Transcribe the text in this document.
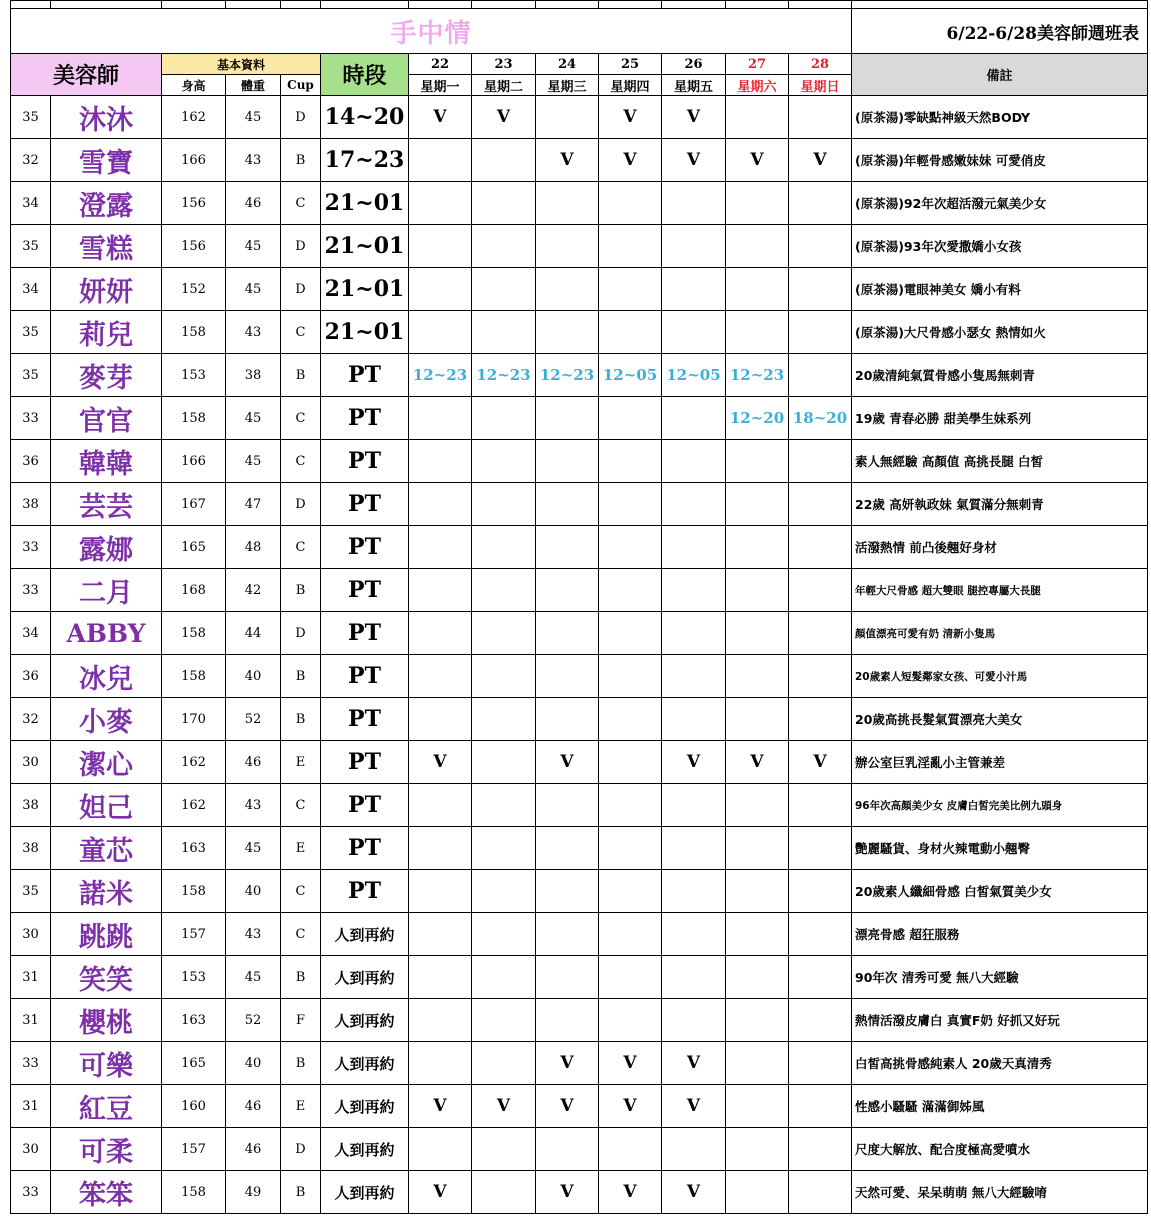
手中情													6/22-6/28美容師週班表
美容師		基本資料			時段	22	23	24	25	26	27	28	備註
		身高	體重	Cup		星期一	星期二	星期三	星期四	星期五	星期六	星期日	
35	沐沐	162	45	D	14~20	V	V		V	V			(原茶湯)零缺點神級天然BODY
32	雪寶	166	43	B	17~23			V	V	V	V	V	(原茶湯)年輕骨感嫩妹妹 可愛俏皮
34	澄露	156	46	C	21~01								(原茶湯)92年次超活潑元氣美少女
35	雪糕	156	45	D	21~01								(原茶湯)93年次愛撒嬌小女孩
34	妍妍	152	45	D	21~01								(原茶湯)電眼神美女 嬌小有料
35	莉兒	158	43	C	21~01								(原茶湯)大尺骨感小瑟女 熱情如火
35	麥芽	153	38	B	PT	12~23	12~23	12~23	12~05	12~05	12~23		20歲清純氣質骨感小隻馬無刺青
33	官官	158	45	C	PT						12~20	18~20	19歲 青春必勝 甜美學生妹系列
36	韓韓	166	45	C	PT								素人無經驗 高顏值 高挑長腿 白皙
38	芸芸	167	47	D	PT								22歲 高妍執政妹 氣質滿分無刺青
33	露娜	165	48	C	PT								活潑熱情 前凸後翹好身材
33	二月	168	42	B	PT								年輕大尺骨感 超大雙眼 腿控專屬大長腿
34	ABBY	158	44	D	PT								顏值漂亮可愛有奶 清新小隻馬
36	冰兒	158	40	B	PT								20歲素人短髮鄰家女孩、可愛小汁馬
32	小麥	170	52	B	PT								20歲高挑長髮氣質漂亮大美女
30	潔心	162	46	E	PT	V		V		V	V	V	辦公室巨乳淫亂小主管兼差
38	妲己	162	43	C	PT								96年次高顏美少女 皮膚白皙完美比例九頭身
38	童芯	163	45	E	PT								艷麗騷貨、身材火辣電動小翹臀
35	諾米	158	40	C	PT								20歲素人纖細骨感 白皙氣質美少女
30	跳跳	157	43	C	人到再約								漂亮骨感 超狂服務
31	笑笑	153	45	B	人到再約								90年次 清秀可愛 無八大經驗
31	櫻桃	163	52	F	人到再約								熱情活潑皮膚白 真實F奶 好抓又好玩
33	可樂	165	40	B	人到再約			V	V	V			白皙高挑骨感純素人 20歲天真清秀
31	紅豆	160	46	E	人到再約	V	V	V	V	V			性感小騷騷 滿滿御姊風
30	可柔	157	46	D	人到再約								尺度大解放、配合度極高愛噴水
33	笨笨	158	49	B	人到再約	V		V	V	V			天然可愛、呆呆萌萌 無八大經驗唷
